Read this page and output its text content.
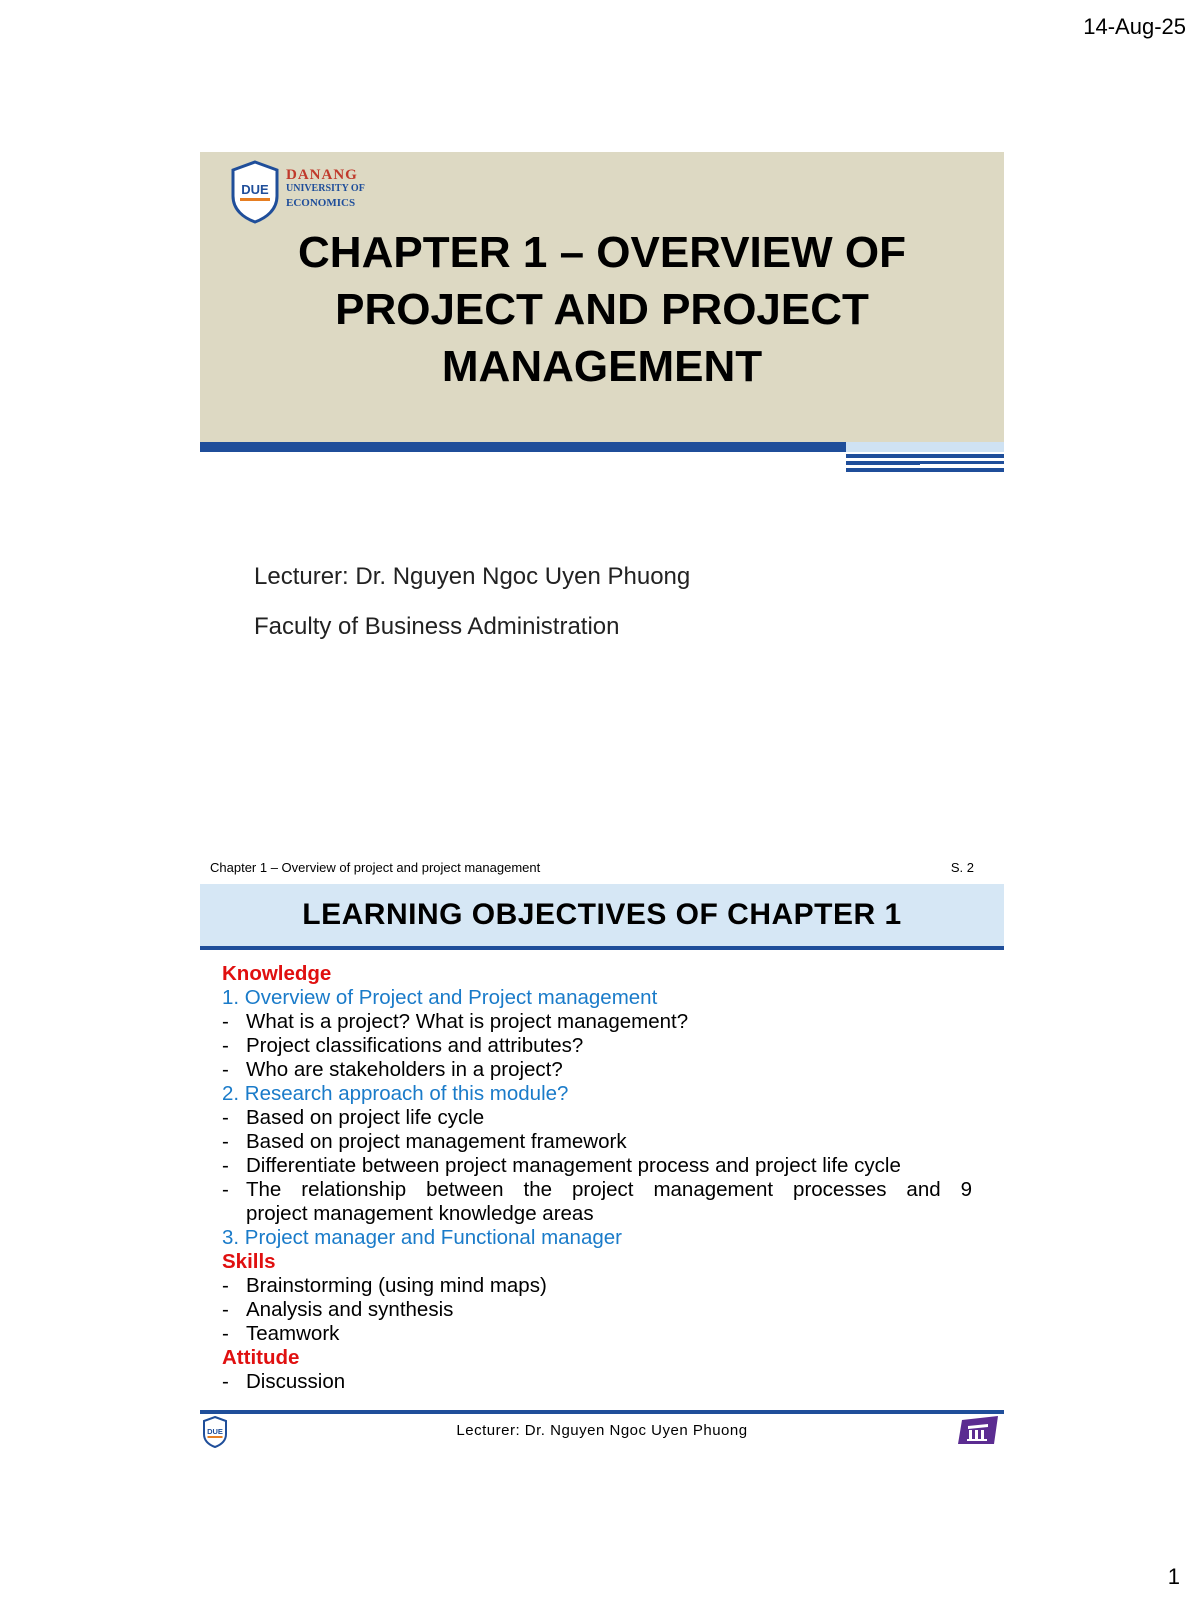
14-Aug-25
DUE
DANANG
UNIVERSITY OF
ECONOMICS
CHAPTER 1 – OVERVIEW OF
PROJECT AND PROJECT
MANAGEMENT

Lecturer: Dr. Nguyen Ngoc Uyen Phuong

Faculty of Business Administration

Chapter 1 – Overview of project and project management	S. 2
LEARNING OBJECTIVES OF CHAPTER 1
Knowledge
1. Overview of Project and Project management
- What is a project? What is project management?
- Project classifications and attributes?
- Who are stakeholders in a project?
2. Research approach of this module?
- Based on project life cycle
- Based on project management framework
- Differentiate between project management process and project life cycle
- The relationship between the project management processes and 9
project management knowledge areas
3. Project manager and Functional manager
Skills
- Brainstorming (using mind maps)
- Analysis and synthesis
- Teamwork
Attitude
- Discussion
DUE	Lecturer: Dr. Nguyen Ngoc Uyen Phuong
1
